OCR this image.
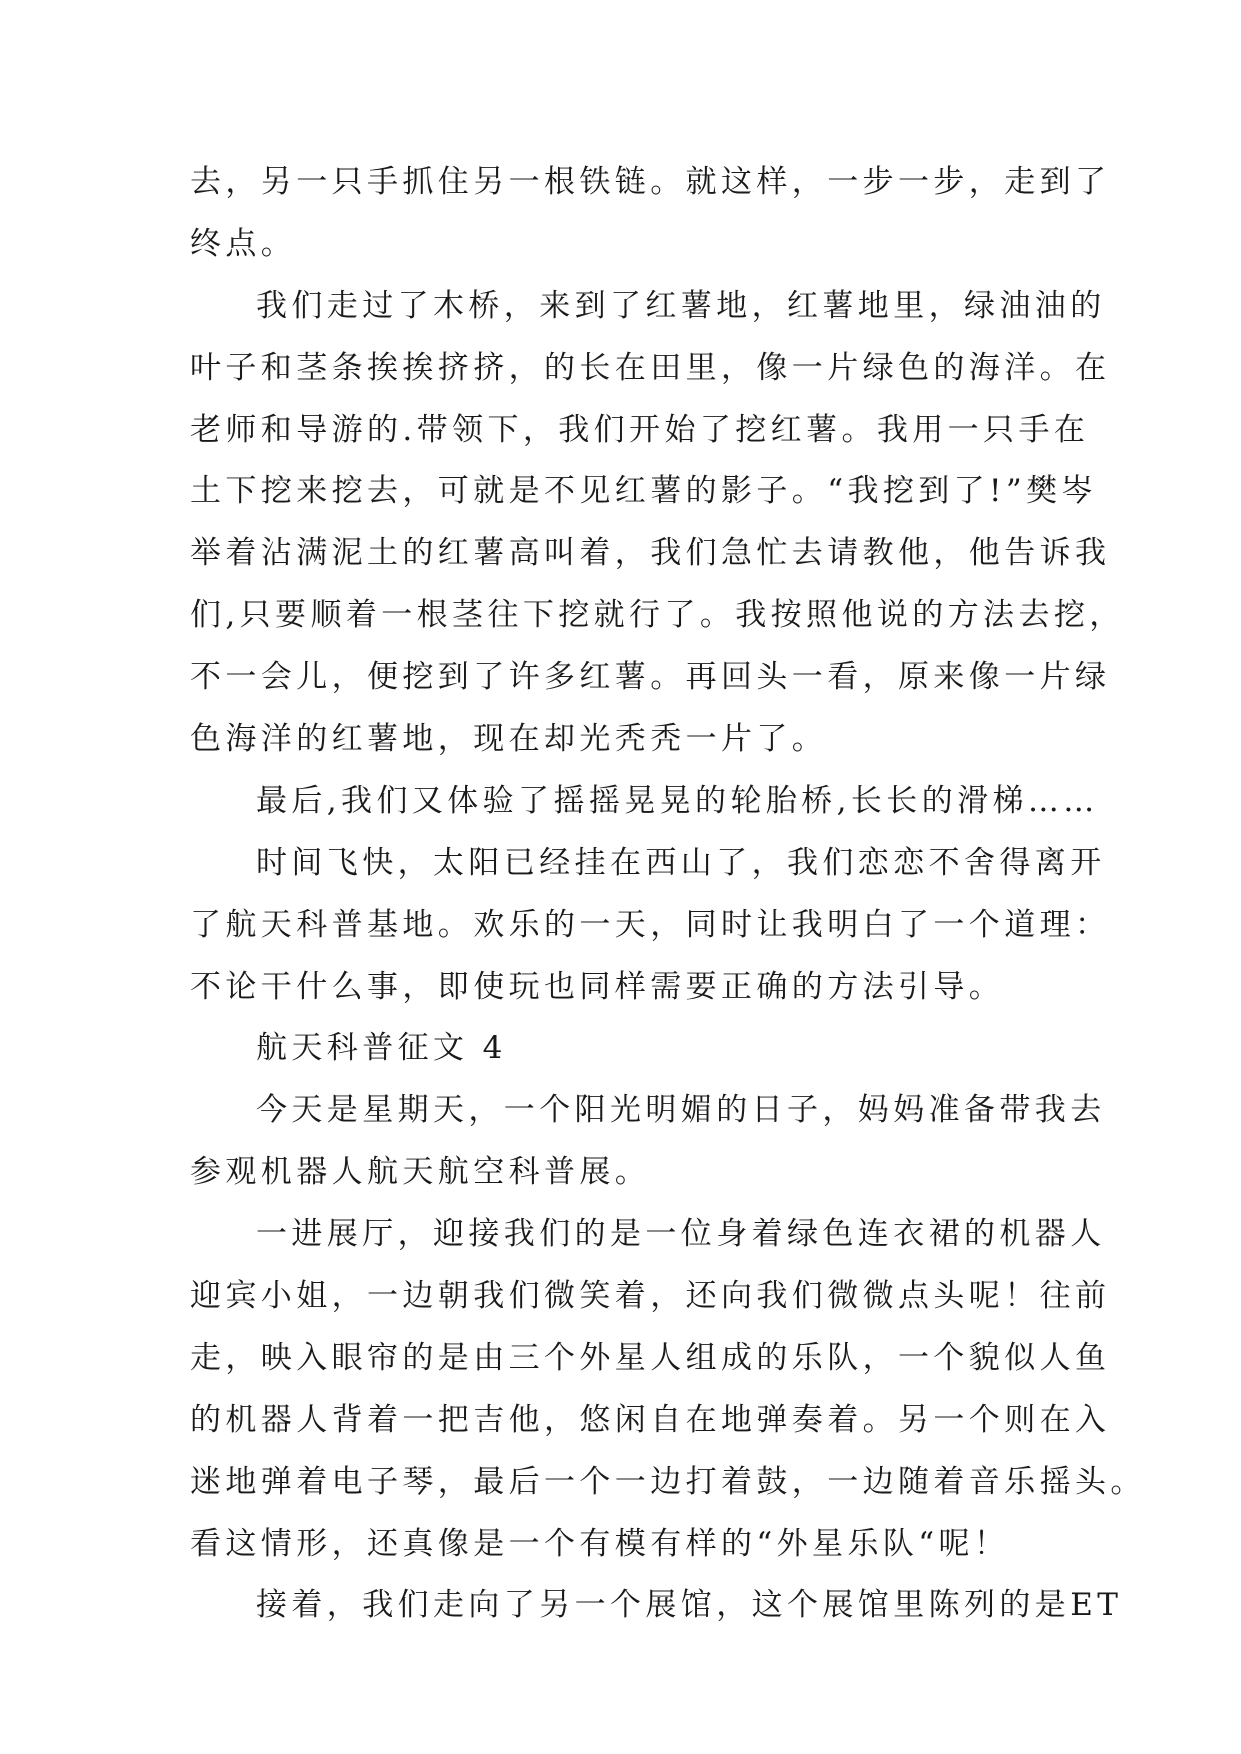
去，另一只手抓住另一根铁链。就这样，一步一步，走到了
终点。
我们走过了木桥，来到了红薯地，红薯地里，绿油油的
叶子和茎条挨挨挤挤，的长在田里，像一片绿色的海洋。在
老师和导游的.带领下，我们开始了挖红薯。我用一只手在
土下挖来挖去，可就是不见红薯的影子。“我挖到了!”樊岑
举着沾满泥土的红薯高叫着，我们急忙去请教他，他告诉我
们,只要顺着一根茎往下挖就行了。我按照他说的方法去挖，
不一会儿，便挖到了许多红薯。再回头一看，原来像一片绿
色海洋的红薯地，现在却光秃秃一片了。
最后,我们又体验了摇摇晃晃的轮胎桥,长长的滑梯……
时间飞快，太阳已经挂在西山了，我们恋恋不舍得离开
了航天科普基地。欢乐的一天，同时让我明白了一个道理：
不论干什么事，即使玩也同样需要正确的方法引导。
航天科普征文 4
今天是星期天，一个阳光明媚的日子，妈妈准备带我去
参观机器人航天航空科普展。
一进展厅，迎接我们的是一位身着绿色连衣裙的机器人
迎宾小姐，一边朝我们微笑着，还向我们微微点头呢！往前
走，映入眼帘的是由三个外星人组成的乐队，一个貌似人鱼
的机器人背着一把吉他，悠闲自在地弹奏着。另一个则在入
迷地弹着电子琴，最后一个一边打着鼓，一边随着音乐摇头。
看这情形，还真像是一个有模有样的“外星乐队“呢！
接着，我们走向了另一个展馆，这个展馆里陈列的是ET
